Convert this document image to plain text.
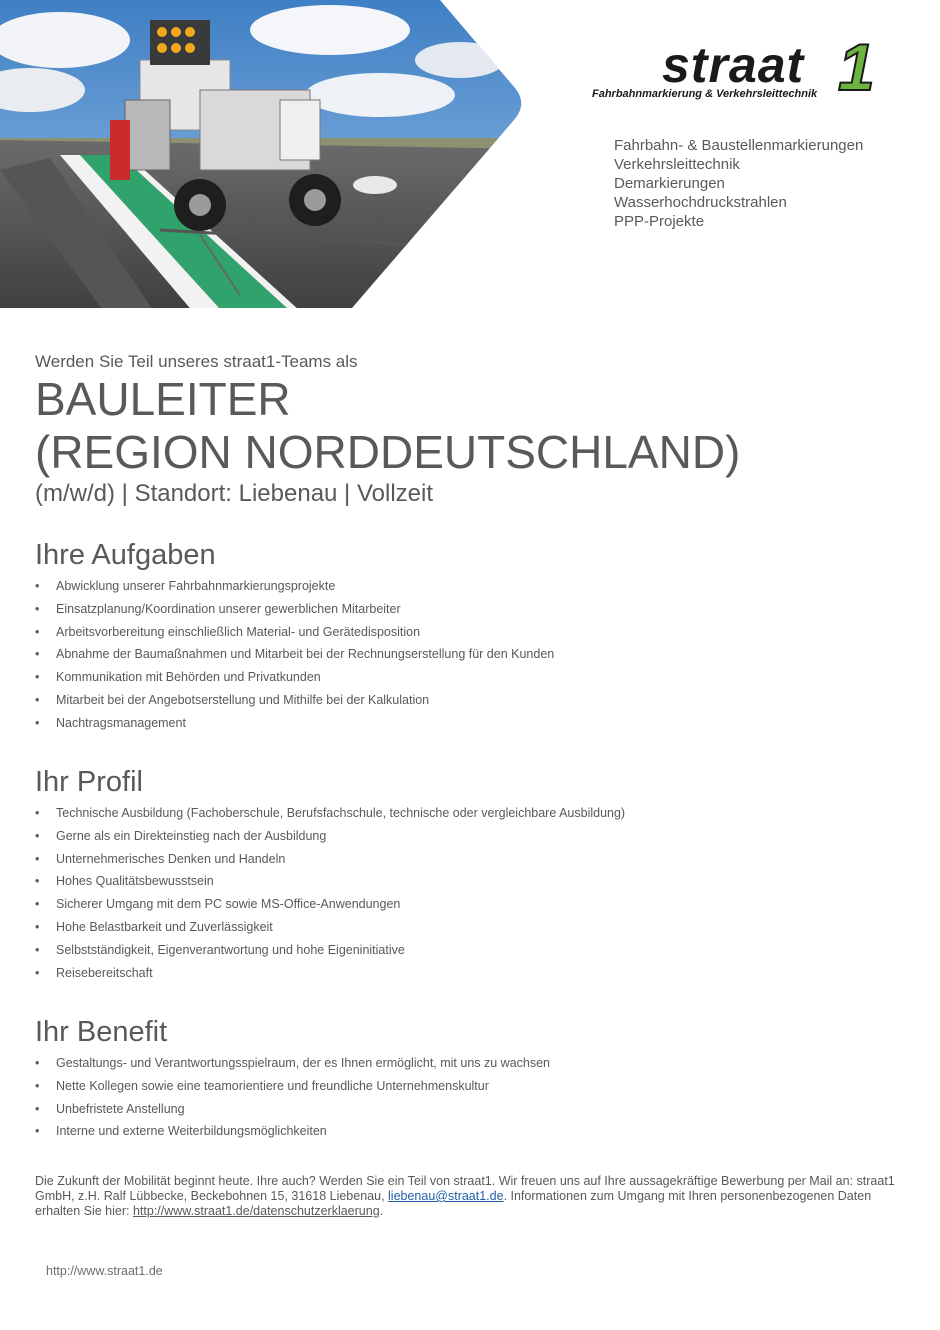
straat 1
Fahrbahnmarkierung & Verkehrsleittechnik
Fahrbahn- & Baustellenmarkierungen
Verkehrsleittechnik
Demarkierungen
Wasserhochdruckstrahlen
PPP-Projekte
Werden Sie Teil unseres straat1-Teams als
BAULEITER
(REGION NORDDEUTSCHLAND)
(m/w/d) | Standort: Liebenau | Vollzeit
Ihre Aufgaben
• Abwicklung unserer Fahrbahnmarkierungsprojekte
• Einsatzplanung/Koordination unserer gewerblichen Mitarbeiter
• Arbeitsvorbereitung einschließlich Material- und Gerätedisposition
• Abnahme der Baumaßnahmen und Mitarbeit bei der Rechnungserstellung für den Kunden
• Kommunikation mit Behörden und Privatkunden
• Mitarbeit bei der Angebotserstellung und Mithilfe bei der Kalkulation
• Nachtragsmanagement
Ihr Profil
• Technische Ausbildung (Fachoberschule, Berufsfachschule, technische oder vergleichbare Ausbildung)
• Gerne als ein Direkteinstieg nach der Ausbildung
• Unternehmerisches Denken und Handeln
• Hohes Qualitätsbewusstsein
• Sicherer Umgang mit dem PC sowie MS-Office-Anwendungen
• Hohe Belastbarkeit und Zuverlässigkeit
• Selbstständigkeit, Eigenverantwortung und hohe Eigeninitiative
• Reisebereitschaft
Ihr Benefit
• Gestaltungs- und Verantwortungsspielraum, der es Ihnen ermöglicht, mit uns zu wachsen
• Nette Kollegen sowie eine teamorientiere und freundliche Unternehmenskultur
• Unbefristete Anstellung
• Interne und externe Weiterbildungsmöglichkeiten

Die Zukunft der Mobilität beginnt heute. Ihre auch? Werden Sie ein Teil von straat1. Wir freuen uns auf Ihre aussagekräftige Bewerbung per Mail an: straat1 GmbH, z.H. Ralf Lübbecke, Beckebohnen 15, 31618 Liebenau, liebenau@straat1.de. Informationen zum Umgang mit Ihren personenbezogenen Daten erhalten Sie hier: http://www.straat1.de/datenschutzerklaerung.

http://www.straat1.de
